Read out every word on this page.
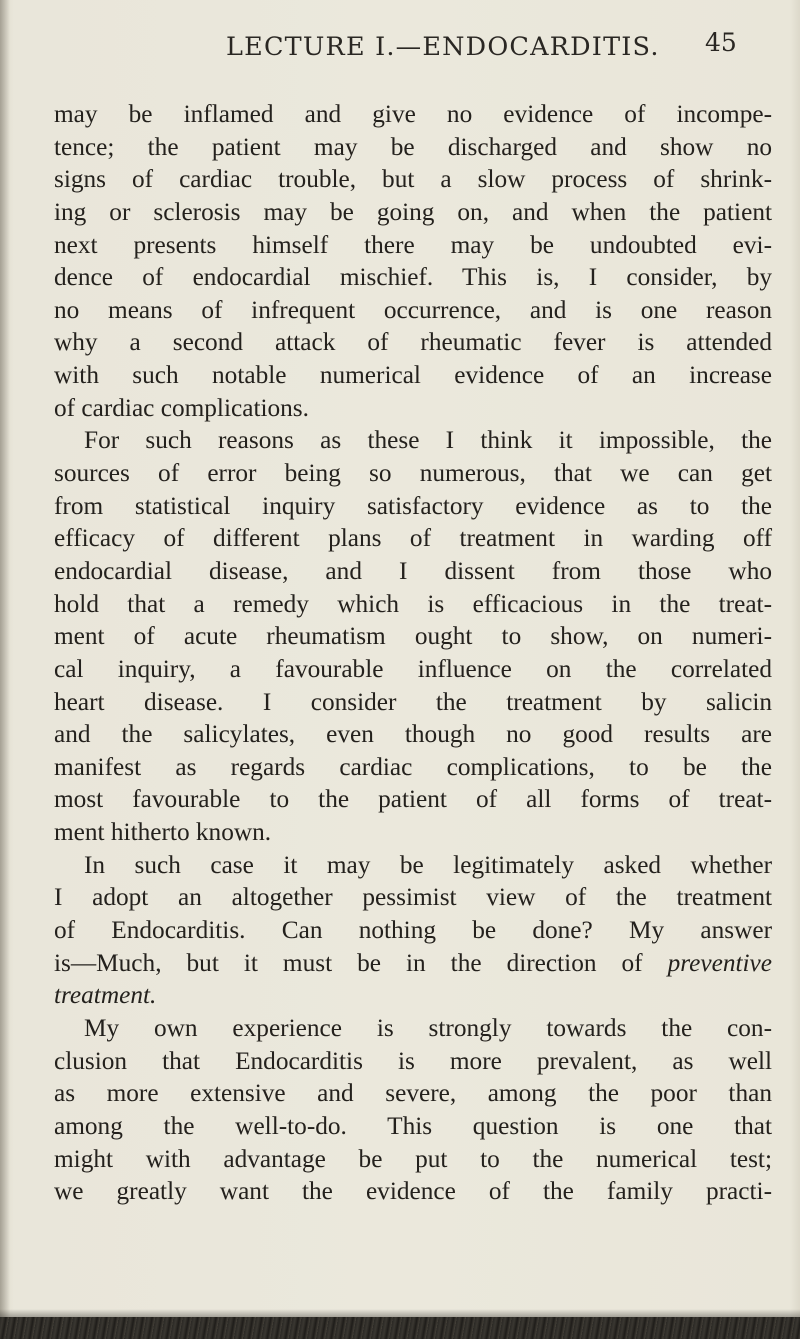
LECTURE I.—ENDOCARDITIS. 45
may be inflamed and give no evidence of incompe-
tence; the patient may be discharged and show no
signs of cardiac trouble, but a slow process of shrink-
ing or sclerosis may be going on, and when the patient
next presents himself there may be undoubted evi-
dence of endocardial mischief. This is, I consider, by
no means of infrequent occurrence, and is one reason
why a second attack of rheumatic fever is attended
with such notable numerical evidence of an increase
of cardiac complications.
For such reasons as these I think it impossible, the
sources of error being so numerous, that we can get
from statistical inquiry satisfactory evidence as to the
efficacy of different plans of treatment in warding off
endocardial disease, and I dissent from those who
hold that a remedy which is efficacious in the treat-
ment of acute rheumatism ought to show, on numeri-
cal inquiry, a favourable influence on the correlated
heart disease. I consider the treatment by salicin
and the salicylates, even though no good results are
manifest as regards cardiac complications, to be the
most favourable to the patient of all forms of treat-
ment hitherto known.
In such case it may be legitimately asked whether
I adopt an altogether pessimist view of the treatment
of Endocarditis. Can nothing be done? My answer
is—Much, but it must be in the direction of preventive
treatment.
My own experience is strongly towards the con-
clusion that Endocarditis is more prevalent, as well
as more extensive and severe, among the poor than
among the well-to-do. This question is one that
might with advantage be put to the numerical test;
we greatly want the evidence of the family practi-
